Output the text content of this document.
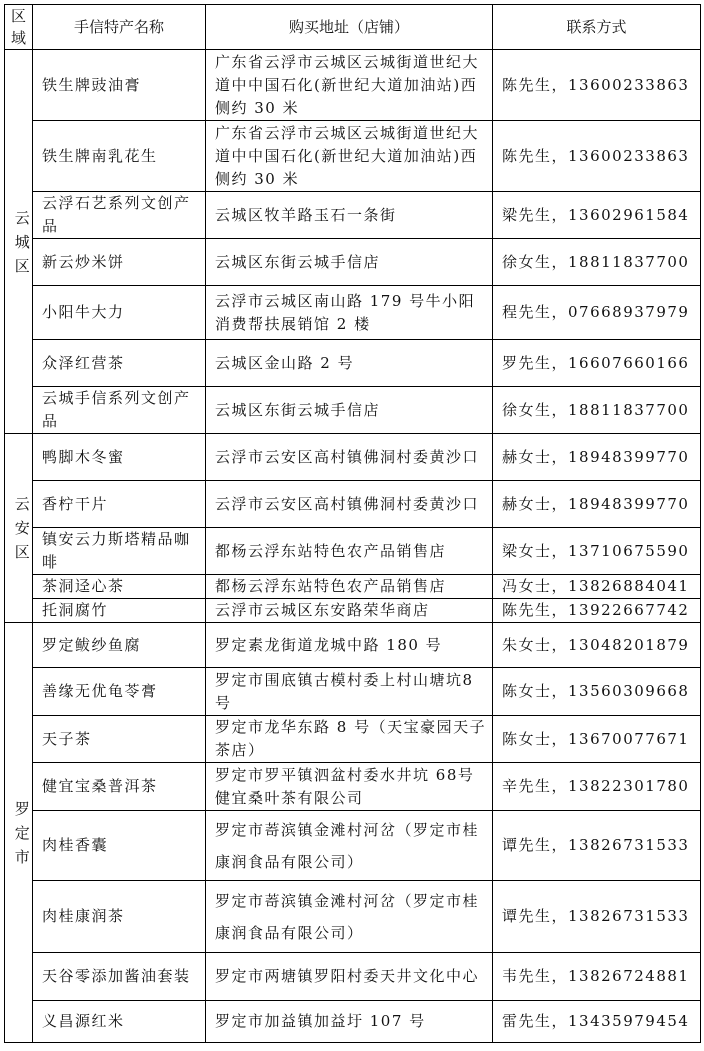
区域	手信特产名称	购买地址（店铺）	联系方式

云城区	铁生牌豉油膏	广东省云浮市云城区云城街道世纪大道中中国石化(新世纪大道加油站)西侧约 30 米	陈先生，13600233863
	铁生牌南乳花生	广东省云浮市云城区云城街道世纪大道中中国石化(新世纪大道加油站)西侧约 30 米	陈先生，13600233863
	云浮石艺系列文创产品	云城区牧羊路玉石一条街	梁先生，13602961584
	新云炒米饼	云城区东街云城手信店	徐女生，18811837700
	小阳牛大力	云浮市云城区南山路 179 号牛小阳消费帮扶展销馆 2 楼	程先生，07668937979
	众泽红营茶	云城区金山路 2 号	罗先生，16607660166
	云城手信系列文创产品	云城区东街云城手信店	徐女生，18811837700

云安区	鸭脚木冬蜜	云浮市云安区高村镇佛洞村委黄沙口	赫女士，18948399770
	香柠干片	云浮市云安区高村镇佛洞村委黄沙口	赫女士，18948399770
	镇安云力斯塔精品咖啡	都杨云浮东站特色农产品销售店	梁女士，13710675590
	茶洞迳心茶	都杨云浮东站特色农产品销售店	冯女士，13826884041
	托洞腐竹	云浮市云城区东安路荣华商店	陈先生，13922667742

罗定市	罗定鲅纱鱼腐	罗定素龙街道龙城中路 180 号	朱女士，13048201879
	善缘无优龟苓膏	罗定市围底镇古模村委上村山塘坑8 号	陈女士，13560309668
	天子茶	罗定市龙华东路 8 号（天宝豪园天子茶店）	陈女士，13670077671
	健宜宝桑普洱茶	罗定市罗平镇泗盆村委水井坑 68号健宜桑叶茶有限公司	辛先生，13822301780
	肉桂香囊	罗定市䓫滨镇金滩村河岔（罗定市桂康润食品有限公司）	谭先生，13826731533
	肉桂康润茶	罗定市䓫滨镇金滩村河岔（罗定市桂康润食品有限公司）	谭先生，13826731533
	天谷零添加酱油套装	罗定市两塘镇罗阳村委天井文化中心	韦先生，13826724881
	义昌源红米	罗定市加益镇加益圩 107 号	雷先生，13435979454
